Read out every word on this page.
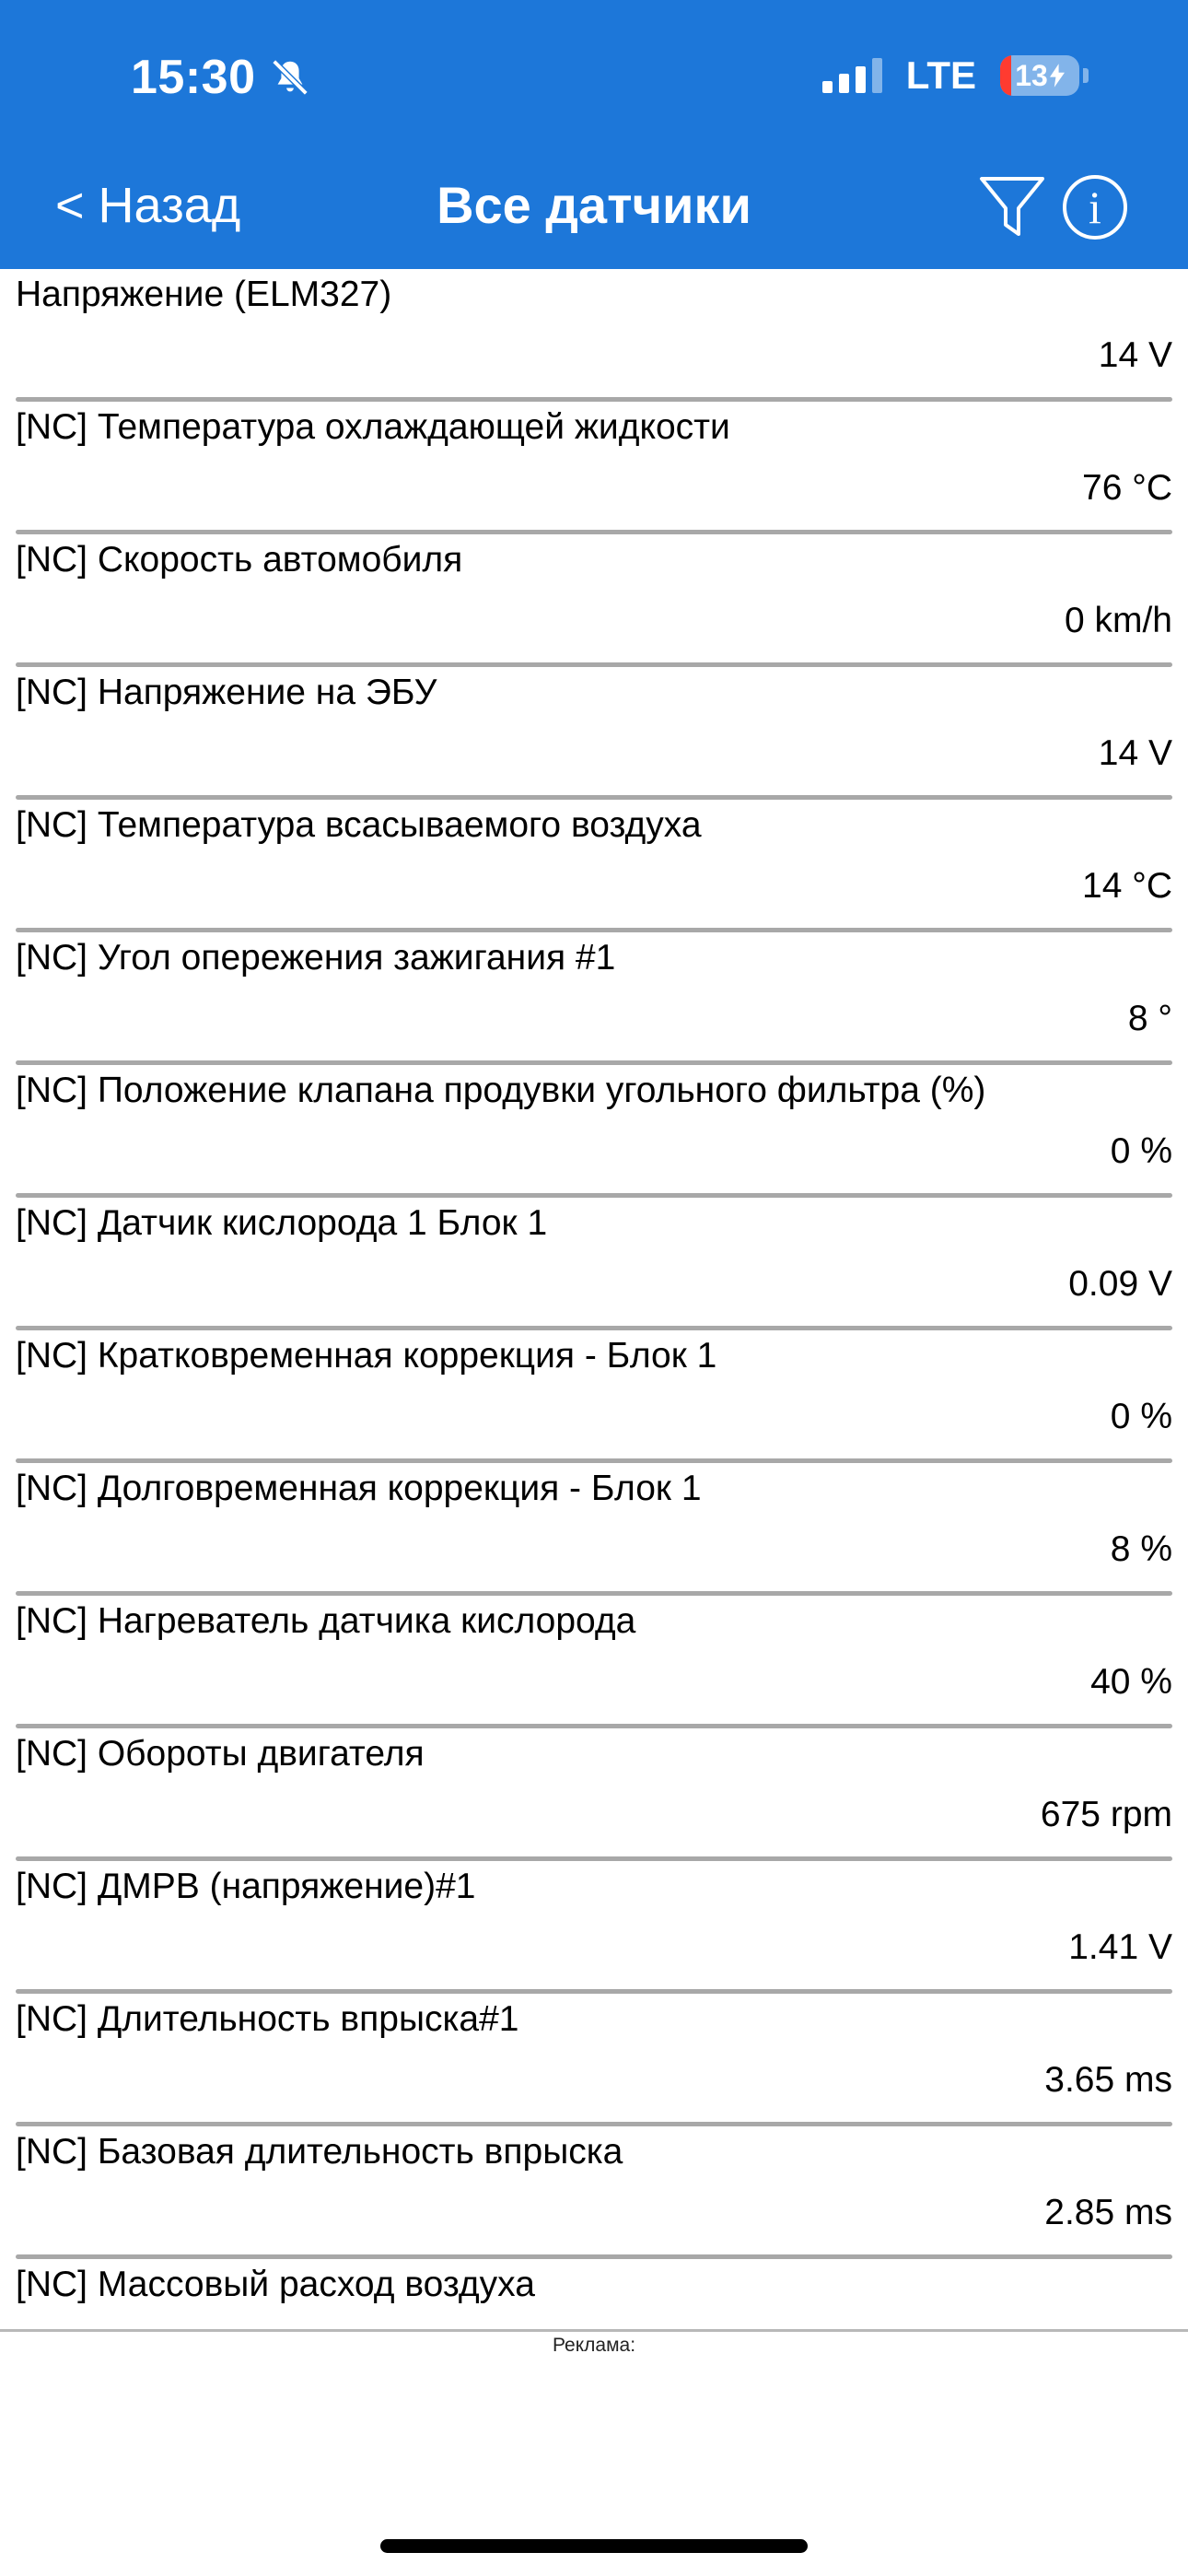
15:30	LTE 13
< Назад	Все датчики	i
Напряжение (ELM327)
14 V
[NC] Температура охлаждающей жидкости
76 °C
[NC] Скорость автомобиля
0 km/h
[NC] Напряжение на ЭБУ
14 V
[NC] Температура всасываемого воздуха
14 °C
[NC] Угол опережения зажигания #1
8 °
[NC] Положение клапана продувки угольного фильтра (%)
0 %
[NC] Датчик кислорода 1 Блок 1
0.09 V
[NC] Кратковременная коррекция - Блок 1
0 %
[NC] Долговременная коррекция - Блок 1
8 %
[NC] Нагреватель датчика кислорода
40 %
[NC] Обороты двигателя
675 rpm
[NC] ДМРВ (напряжение)#1
1.41 V
[NC] Длительность впрыска#1
3.65 ms
[NC] Базовая длительность впрыска
2.85 ms
[NC] Массовый расход воздуха
Реклама:
